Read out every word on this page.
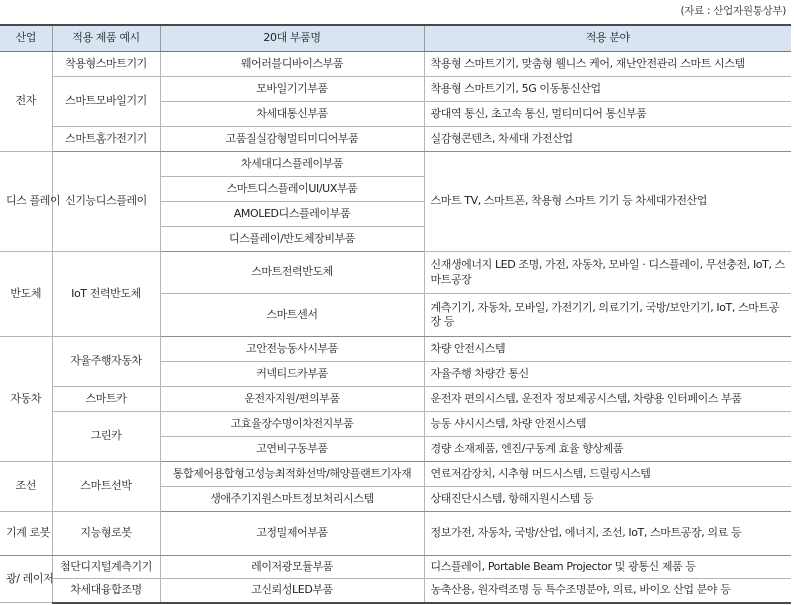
(자료 : 산업자원통상부)
산업	적용 제품 예시	20대 부품명	적용 분야
전자	착용형스마트기기	웨어러블디바이스부품	착용형 스마트기기, 맞춤형 웰니스 케어, 재난안전관리 스마트 시스템
	스마트모바일기기	모바일기기부품	착용형 스마트기기, 5G 이동통신산업
		차세대통신부품	광대역 통신, 초고속 통신, 멀티미디어 통신부품
	스마트홈가전기기	고품질실감형멀티미디어부품	실감형콘텐츠, 차세대 가전산업
디스 플레이	신기능디스플레이	차세대디스플레이부품	스마트 TV, 스마트폰, 착용형 스마트 기기 등 차세대가전산업
		스마트디스플레이UI/UX부품	
		AMOLED디스플레이부품	
		디스플레이/반도체장비부품	
반도체	IoT 전력반도체	스마트전력반도체	신재생에너지 LED 조명, 가전, 자동차, 모바일 · 디스플레이, 무선충전, IoT, 스마트공장
		스마트센서	계측기기, 자동차, 모바일, 가전기기, 의료기기, 국방/보안기기, IoT, 스마트공장 등
자동차	자율주행자동차	고안전능동사시부품	차량 안전시스템
		커넥티드카부품	자율주행 차량간 통신
	스마트카	운전자지원/편의부품	운전자 편의시스템, 운전자 정보제공시스템, 차량용 인터페이스 부품
	그린카	고효율장수명이차전지부품	능동 샤시시스템, 차량 안전시스템
		고연비구동부품	경량 소재제품, 엔진/구동계 효율 향상제품
조선	스마트선박	통합제어용합형고성능최적화선박/해양플랜트기자재	연료저감장치, 시추형 머드시스템, 드릴링시스템
		생애주기지원스마트정보처리시스템	상태진단시스템, 항해지원시스템 등
기계 로봇	지능형로봇	고정밀제어부품	정보가전, 자동차, 국방/산업, 에너지, 조선, IoT, 스마트공장, 의료 등
광/ 레이저	첨단디지털계측기기	레이저광모듈부품	디스플레이, Portable Beam Projector 및 광통신 제품 등
	차세대융합조명	고신뢰성LED부품	농축산용, 원자력조명 등 특수조명분야, 의료, 바이오 산업 분야 등
